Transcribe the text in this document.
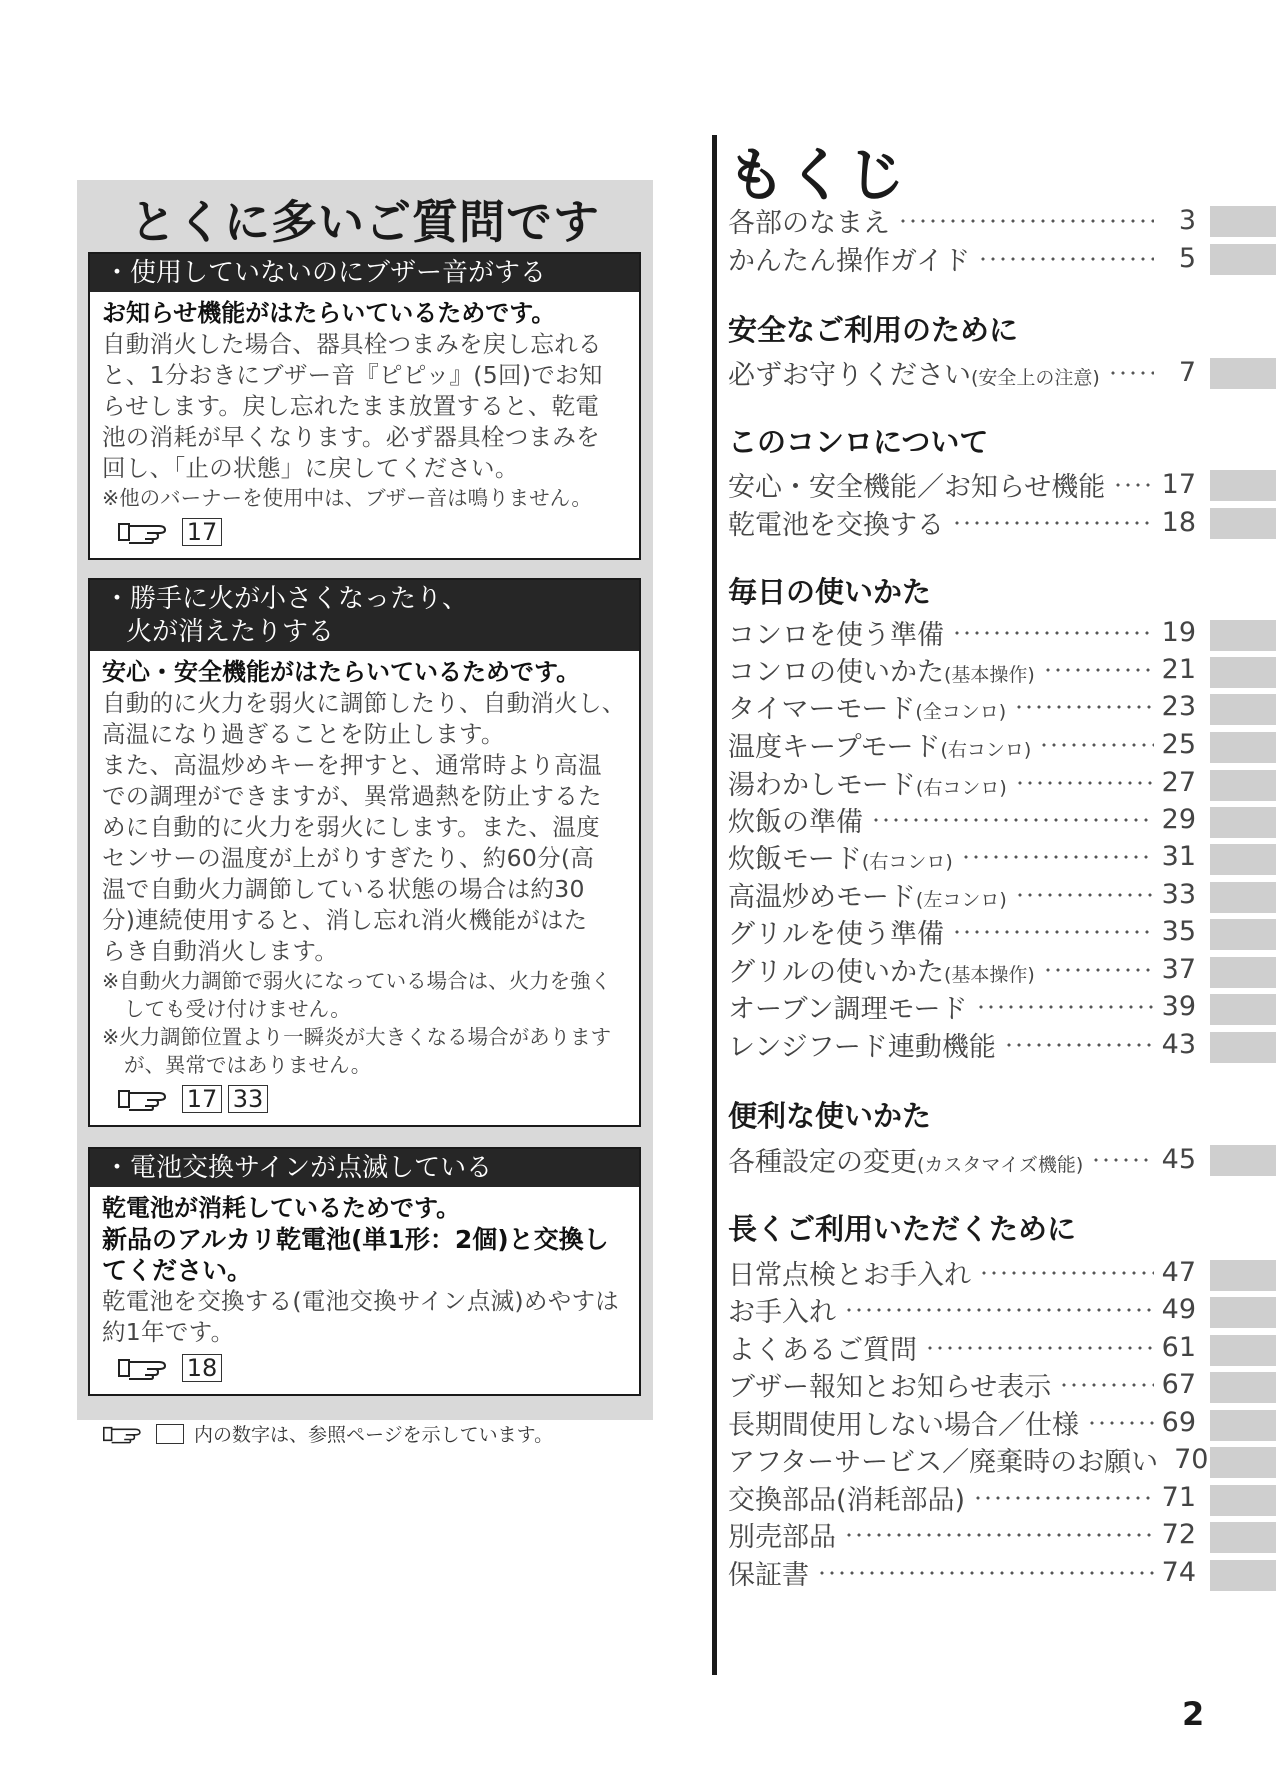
とくに多いご質問です
・使用していないのにブザー音がする

お知らせ機能がはたらいているためです。

自動消火した場合、器具栓つまみを戻し忘れる

と、1分おきにブザー音『ピピッ』(5回)でお知

らせします。戻し忘れたまま放置すると、乾電

池の消耗が早くなります。必ず器具栓つまみを

回し、「止の状態」に戻してください。

※他のバーナーを使用中は、ブザー音は鳴りません。

17
・勝手に火が小さくなったり、
火が消えたりする

安心・安全機能がはたらいているためです。

自動的に火力を弱火に調節したり、自動消火し、

高温になり過ぎることを防止します。

また、高温炒めキーを押すと、通常時より高温

での調理ができますが、異常過熱を防止するた

めに自動的に火力を弱火にします。また、温度

センサーの温度が上がりすぎたり、約60分(高

温で自動火力調節している状態の場合は約30

分)連続使用すると、消し忘れ消火機能がはた

らき自動消火します。

※自動火力調節で弱火になっている場合は、火力を強くしても受け付けません。

※火力調節位置より一瞬炎が大きくなる場合がありますが、異常ではありません。

17 33
・電池交換サインが点滅している

乾電池が消耗しているためです。

新品のアルカリ乾電池(単1形：2個)と交換してください。

乾電池を交換する(電池交換サイン点滅)めやすは

約1年です。

18
内の数字は、参照ページを示しています。
もくじ
各部のなまえ	3
かんたん操作ガイド	5
安全なご利用のために
必ずお守りください(安全上の注意)	7
このコンロについて
安心・安全機能／お知らせ機能 17
乾電池を交換する	18
毎日の使いかた
コンロを使う準備	19
コンロの使いかた(基本操作)	21
タイマーモード(全コンロ)	23
温度キープモード(右コンロ)	25
湯わかしモード(右コンロ)	27
炊飯の準備	29
炊飯モード(右コンロ)	31
高温炒めモード(左コンロ)	33
グリルを使う準備	35
グリルの使いかた(基本操作)	37
オーブン調理モード	39
レンジフード連動機能	43
便利な使いかた
各種設定の変更(カスタマイズ機能)	45
長くご利用いただくために
日常点検とお手入れ	47
お手入れ	49
よくあるご質問	61
ブザー報知とお知らせ表示	67
長期間使用しない場合／仕様	69
アフターサービス／廃棄時のお願い 70
交換部品(消耗部品)	71
別売部品	72
保証書	74
2
